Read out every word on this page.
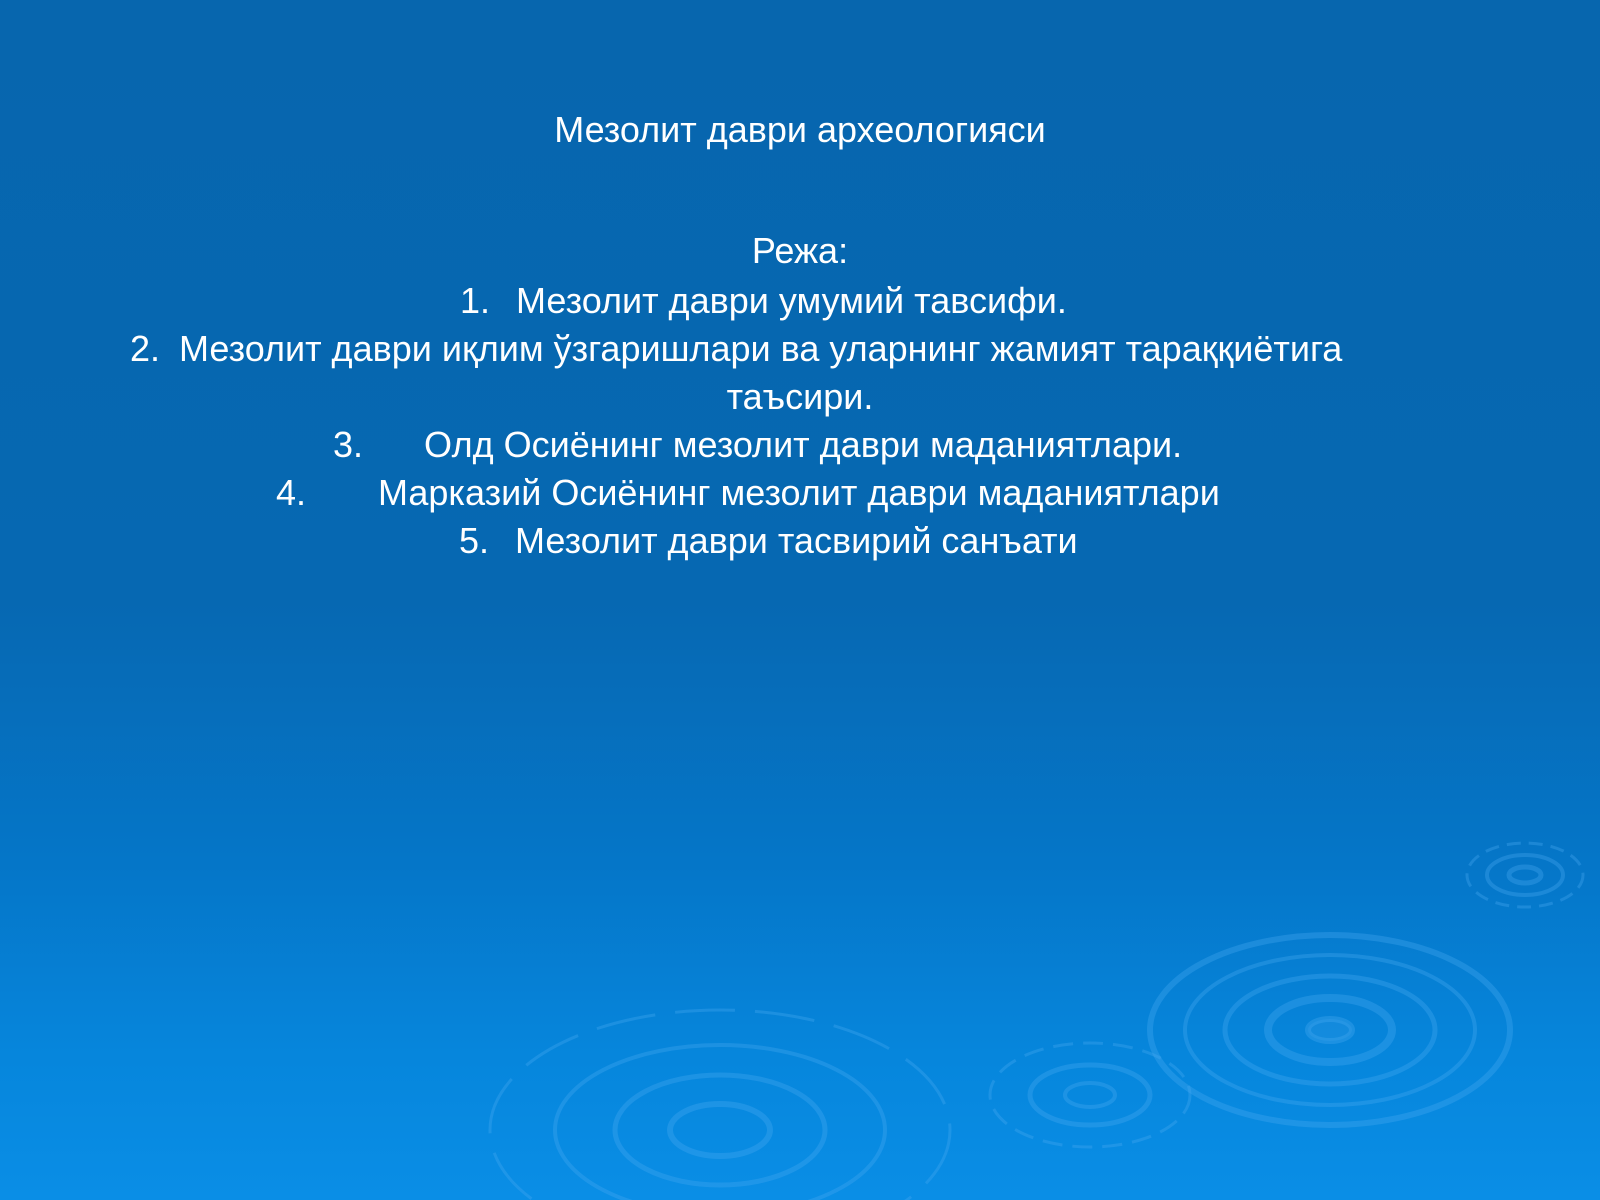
Мезолит даври археологияси
Режа:
1. Мезолит даври умумий тавсифи.
2. Мезолит даври иқлим ўзгаришлари ва уларнинг жамият тараққиётига
таъсири.
3. Олд Осиёнинг мезолит даври маданиятлари.
4. Марказий Осиёнинг мезолит даври маданиятлари
5. Мезолит даври тасвирий санъати
